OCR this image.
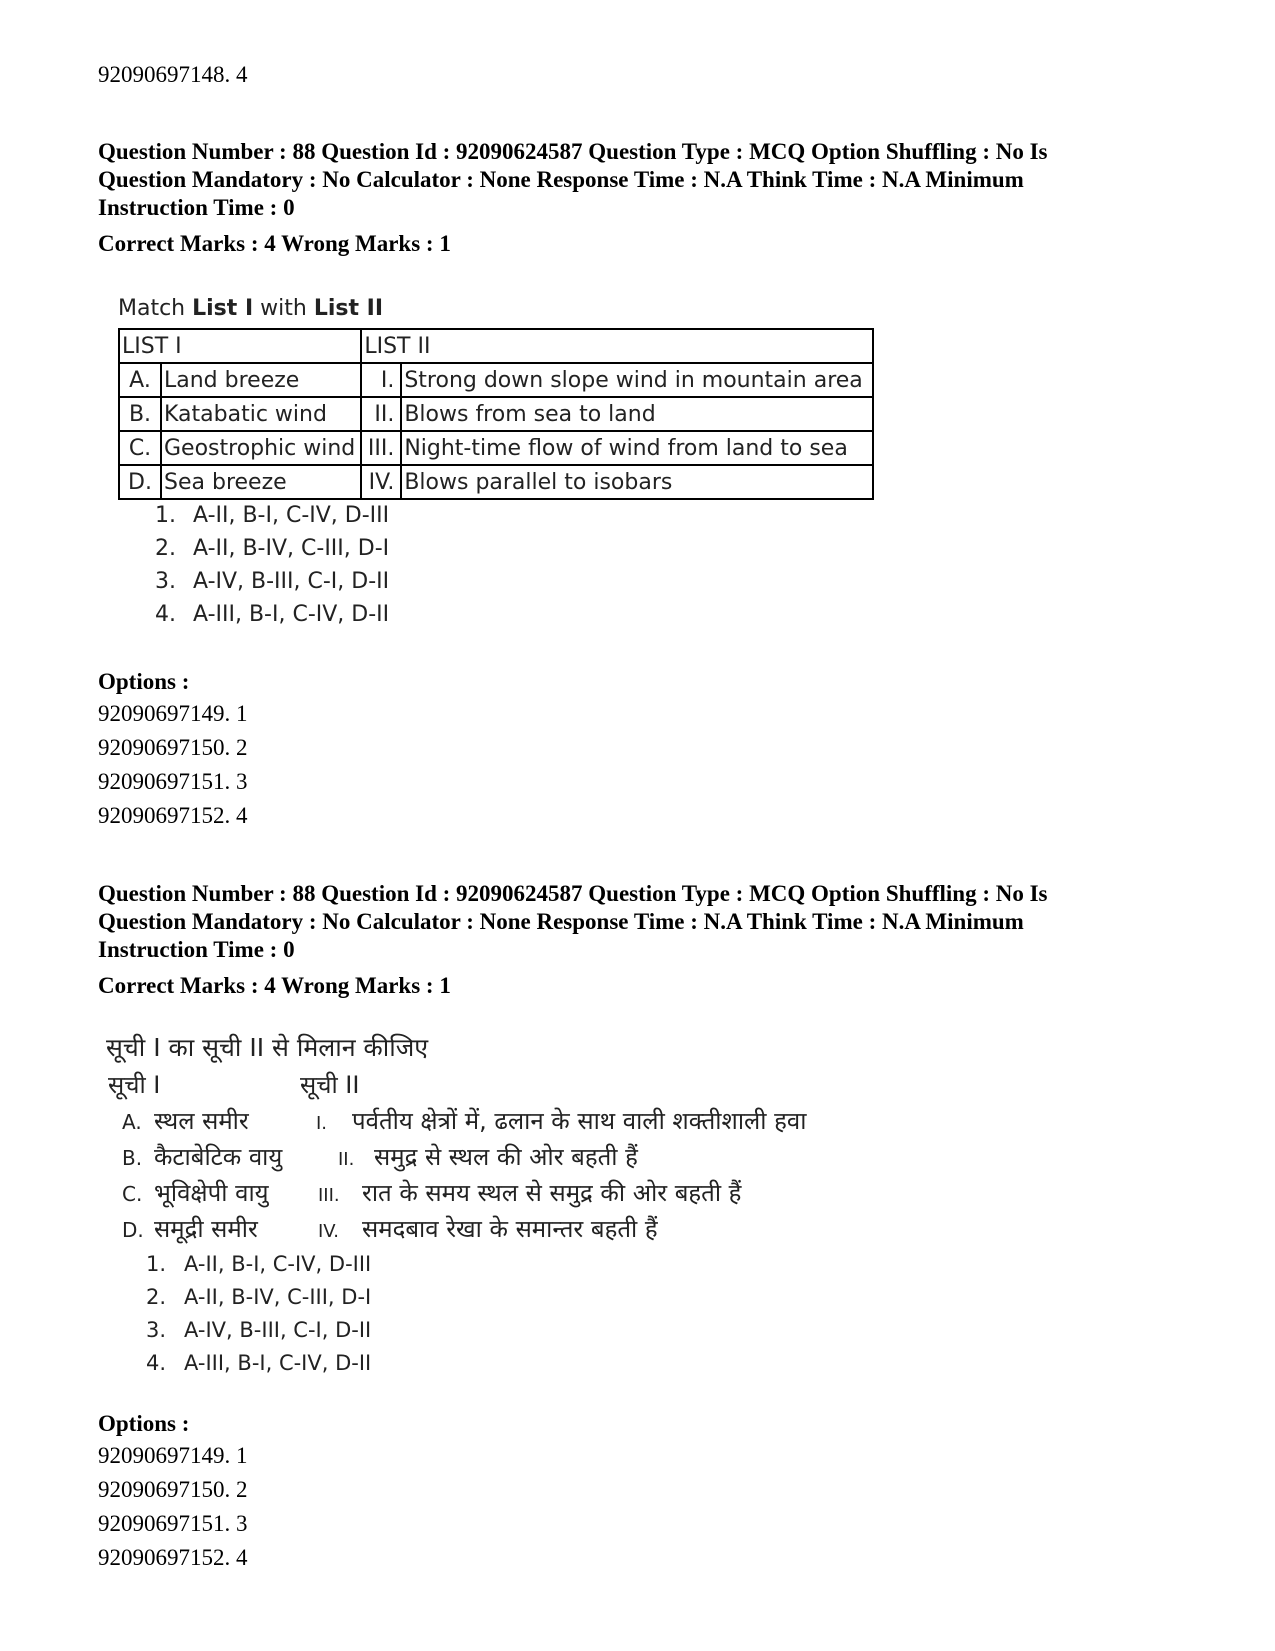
92090697148. 4
Question Number : 88 Question Id : 92090624587 Question Type : MCQ Option Shuffling : No Is
Question Mandatory : No Calculator : None Response Time : N.A Think Time : N.A Minimum
Instruction Time : 0
Correct Marks : 4 Wrong Marks : 1
Match List I with List II
LIST I		LIST II	
A.	Land breeze	I.	Strong down slope wind in mountain area
B.	Katabatic wind	II.	Blows from sea to land
C.	Geostrophic wind	III.	Night-time flow of wind from land to sea
D.	Sea breeze	IV.	Blows parallel to isobars
1. A-II, B-I, C-IV, D-III
2. A-II, B-IV, C-III, D-I
3. A-IV, B-III, C-I, D-II
4. A-III, B-I, C-IV, D-II
Options :
92090697149. 1
92090697150. 2
92090697151. 3
92090697152. 4
Question Number : 88 Question Id : 92090624587 Question Type : MCQ Option Shuffling : No Is
Question Mandatory : No Calculator : None Response Time : N.A Think Time : N.A Minimum
Instruction Time : 0
Correct Marks : 4 Wrong Marks : 1
सूची I का सूची II से मिलान कीजिए
सूची I	सूची II
A. स्थल समीर	I. पर्वतीय क्षेत्रों में, ढलान के साथ वाली शक्तीशाली हवा
B. कैटाबेटिक वायु	II. समुद्र से स्थल की ओर बहती हैं
C. भूविक्षेपी वायु	III. रात के समय स्थल से समुद्र की ओर बहती हैं
D. समूद्री समीर	IV. समदबाव रेखा के समान्तर बहती हैं
1. A-II, B-I, C-IV, D-III
2. A-II, B-IV, C-III, D-I
3. A-IV, B-III, C-I, D-II
4. A-III, B-I, C-IV, D-II
Options :
92090697149. 1
92090697150. 2
92090697151. 3
92090697152. 4
